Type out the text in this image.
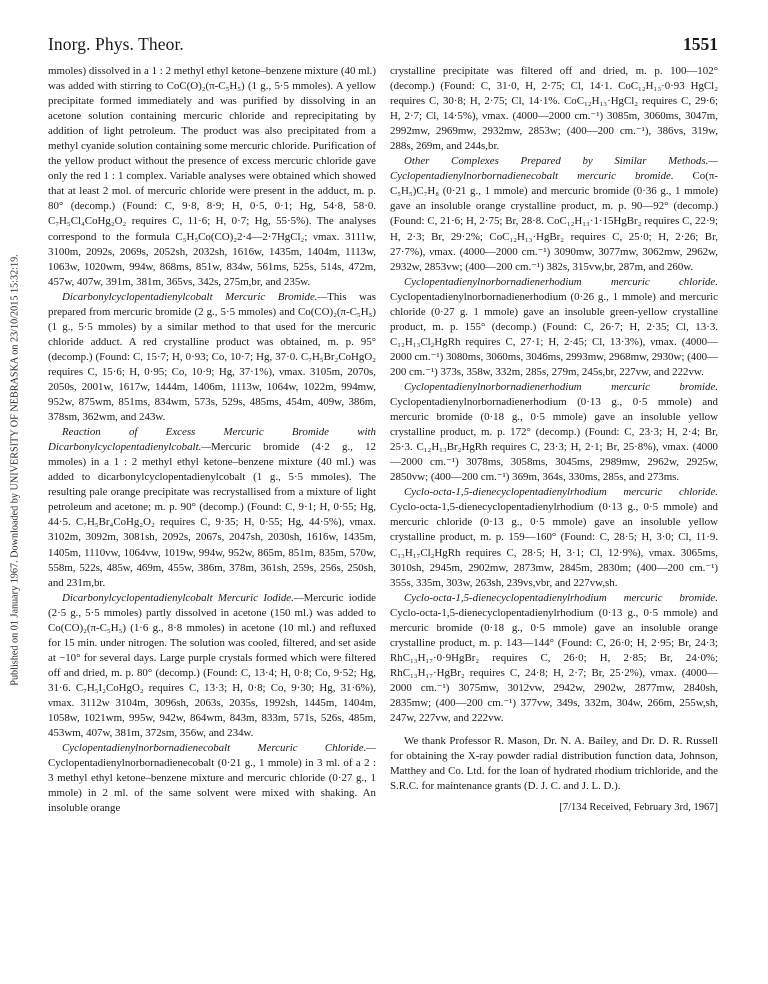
Inorg. Phys. Theor.	1551
Published on 01 January 1967. Downloaded by UNIVERSITY OF NEBRASKA on 23/10/2015 15:32:19.

mmoles) dissolved in a 1 : 2 methyl ethyl ketone–benzene mixture (40 ml.) was added with stirring to CoC(O)₂(π-C₅H₅) (1 g., 5·5 mmoles). A yellow precipitate formed immediately and was purified by dissolving in an acetone solution containing mercuric chloride and reprecipitating by addition of light petroleum. The product was also precipitated from a methyl cyanide solution containing some mercuric chloride. Purification of the yellow product without the presence of excess mercuric chloride gave only the red 1 : 1 complex. Variable analyses were obtained which showed that at least 2 mol. of mercuric chloride were present in the adduct, m. p. 80° (decomp.) (Found: C, 9·8, 8·9; H, 0·5, 0·1; Hg, 54·8, 58·0. C₇H₅Cl₄CoHg₂O₂ requires C, 11·6; H, 0·7; Hg, 55·5%). The analyses correspond to the formula C₅H₅Co(CO)₂2·4—2·7HgCl₂; νmax. 3111w, 3100m, 2092s, 2069s, 2052sh, 2032sh, 1616w, 1435m, 1404m, 1113w, 1063w, 1020wm, 994w, 868ms, 851w, 834w, 561ms, 525s, 514s, 472m, 457w, 407w, 391m, 381m, 365vs, 342s, 275m,br, and 235w.

Dicarbonylcyclopentadienylcobalt Mercuric Bromide.—This was prepared from mercuric bromide (2 g., 5·5 mmoles) and Co(CO)₂(π-C₅H₅) (1 g., 5·5 mmoles) by a similar method to that used for the mercuric chloride adduct. A red crystalline product was obtained, m. p. 95° (decomp.) (Found: C, 15·7; H, 0·93; Co, 10·7; Hg, 37·0. C₇H₅Br₂CoHgO₂ requires C, 15·6; H, 0·95; Co, 10·9; Hg, 37·1%), νmax. 3105m, 2070s, 2050s, 2001w, 1617w, 1444m, 1406m, 1113w, 1064w, 1022m, 994mw, 952w, 875wm, 851ms, 834wm, 573s, 529s, 485ms, 454m, 409w, 386m, 378sm, 362wm, and 243w.

Reaction of Excess Mercuric Bromide with Dicarbonylcyclopentadienylcobalt.—Mercuric bromide (4·2 g., 12 mmoles) in a 1 : 2 methyl ethyl ketone–benzene mixture (40 ml.) was added to dicarbonylcyclopentadienylcobalt (1 g., 5·5 mmoles). The resulting pale orange precipitate was recrystallised from a mixture of light petroleum and acetone; m. p. 90° (decomp.) (Found: C, 9·1; H, 0·55; Hg, 44·5. C₇H₅Br₄CoHg₂O₂ requires C, 9·35; H, 0·55; Hg, 44·5%), νmax. 3102m, 3092m, 3081sh, 2092s, 2067s, 2047sh, 2030sh, 1616w, 1435m, 1405m, 1110vw, 1064vw, 1019w, 994w, 952w, 865m, 851m, 835m, 570w, 558m, 522s, 485w, 469m, 455w, 386m, 378m, 361sh, 259s, 256s, 250sh, and 231m,br.

Dicarbonylcyclopentadienylcobalt Mercuric Iodide.—Mercuric iodide (2·5 g., 5·5 mmoles) partly dissolved in acetone (150 ml.) was added to Co(CO)₂(π-C₅H₅) (1·6 g., 8·8 mmoles) in acetone (10 ml.) and refluxed for 15 min. under nitrogen. The solution was cooled, filtered, and set aside at −10° for several days. Large purple crystals formed which were filtered off and dried, m. p. 80° (decomp.) (Found: C, 13·4; H, 0·8; Co, 9·52; Hg, 31·6. C₇H₅I₂CoHgO₂ requires C, 13·3; H, 0·8; Co, 9·30; Hg, 31·6%), νmax. 3112w 3104m, 3096sh, 2063s, 2035s, 1992sh, 1445m, 1404m, 1058w, 1021wm, 995w, 942w, 864wm, 843m, 833m, 571s, 526s, 485m, 453wm, 407w, 381m, 372sm, 356w, and 234w.

Cyclopentadienylnorbornadienecobalt Mercuric Chloride.—Cyclopentadienylnorbornadienecobalt (0·21 g., 1 mmole) in 3 ml. of a 2 : 3 methyl ethyl ketone–benzene mixture and mercuric chloride (0·27 g., 1 mmole) in 2 ml. of the same solvent were mixed with shaking. An insoluble orange

crystalline precipitate was filtered off and dried, m. p. 100—102° (decomp.) (Found: C, 31·0, H, 2·75; Cl, 14·1. CoC₁₂H₁₃·0·93 HgCl₂ requires C, 30·8; H, 2·75; Cl, 14·1%. CoC₁₂H₁₃·HgCl₂ requires C, 29·6; H, 2·7; Cl, 14·5%), νmax. (4000—2000 cm.⁻¹) 3085m, 3060ms, 3047m, 2992mw, 2969mw, 2932mw, 2853w; (400—200 cm.⁻¹), 386vs, 319w, 288s, 269m, and 244s,br.

Other Complexes Prepared by Similar Methods.—Cyclopentadienylnorbornadienecobalt mercuric bromide. Co(π-C₅H₅)C₇H₈ (0·21 g., 1 mmole) and mercuric bromide (0·36 g., 1 mmole) gave an insoluble orange crystalline product, m. p. 90—92° (decomp.) (Found: C, 21·6; H, 2·75; Br, 28·8. CoC₁₂H₁₃·1·15HgBr₂ requires C, 22·9; H, 2·3; Br, 29·2%; CoC₁₂H₁₃·HgBr₂ requires C, 25·0; H, 2·26; Br, 27·7%), νmax. (4000—2000 cm.⁻¹) 3090mw, 3077mw, 3062mw, 2962w, 2932w, 2853vw; (400—200 cm.⁻¹) 382s, 315vw,br, 287m, and 260w.

Cyclopentadienylnorbornadienerhodium mercuric chloride. Cyclopentadienylnorbornadienerhodium (0·26 g., 1 mmole) and mercuric chloride (0·27 g. 1 mmole) gave an insoluble green-yellow crystalline product, m. p. 155° (decomp.) (Found: C, 26·7; H, 2·35; Cl, 13·3. C₁₂H₁₃Cl₂HgRh requires C, 27·1; H, 2·45; Cl, 13·3%), νmax. (4000—2000 cm.⁻¹) 3080ms, 3060ms, 3046ms, 2993mw, 2968mw, 2930w; (400—200 cm.⁻¹) 373s, 358w, 332m, 285s, 279m, 245s,br, 227vw, and 222vw.

Cyclopentadienylnorbornadienerhodium mercuric bromide. Cyclopentadienylnorbornadienerhodium (0·13 g., 0·5 mmole) and mercuric bromide (0·18 g., 0·5 mmole) gave an insoluble yellow crystalline product, m. p. 172° (decomp.) (Found: C, 23·3; H, 2·4; Br, 25·3. C₁₂H₁₃Br₂HgRh requires C, 23·3; H, 2·1; Br, 25·8%), νmax. (4000—2000 cm.⁻¹) 3078ms, 3058ms, 3045ms, 2989mw, 2962w, 2925w, 2850vw; (400—200 cm.⁻¹) 369m, 364s, 330ms, 285s, and 273ms.

Cyclo-octa-1,5-dienecyclopentadienylrhodium mercuric chloride. Cyclo-octa-1,5-dienecyclopentadienylrhodium (0·13 g., 0·5 mmole) and mercuric chloride (0·13 g., 0·5 mmole) gave an insoluble yellow crystalline product, m. p. 159—160° (Found: C, 28·5; H, 3·0; Cl, 11·9. C₁₃H₁₇Cl₂HgRh requires C, 28·5; H, 3·1; Cl, 12·9%), νmax. 3065ms, 3010sh, 2945m, 2902mw, 2873mw, 2845m, 2830m; (400—200 cm.⁻¹) 355s, 335m, 303w, 263sh, 239vs,vbr, and 227vw,sh.

Cyclo-octa-1,5-dienecyclopentadienylrhodium mercuric bromide. Cyclo-octa-1,5-dienecyclopentadienylrhodium (0·13 g., 0·5 mmole) and mercuric bromide (0·18 g., 0·5 mmole) gave an insoluble orange crystalline product, m. p. 143—144° (Found: C, 26·0; H, 2·95; Br, 24·3; RhC₁₃H₁₇·0·9HgBr₂ requires C, 26·0; H, 2·85; Br, 24·0%; RhC₁₃H₁₇·HgBr₂ requires C, 24·8; H, 2·7; Br, 25·2%), νmax. (4000—2000 cm.⁻¹) 3075mw, 3012vw, 2942w, 2902w, 2877mw, 2840sh, 2835mw; (400—200 cm.⁻¹) 377vw, 349s, 332m, 304w, 266m, 255w,sh, 247w, 227vw, and 222vw.

We thank Professor R. Mason, Dr. N. A. Bailey, and Dr. D. R. Russell for obtaining the X-ray powder radial distribution function data, Johnson, Matthey and Co. Ltd. for the loan of hydrated rhodium trichloride, and the S.R.C. for maintenance grants (D. J. C. and J. L. D.).

[7/134 Received, February 3rd, 1967]
